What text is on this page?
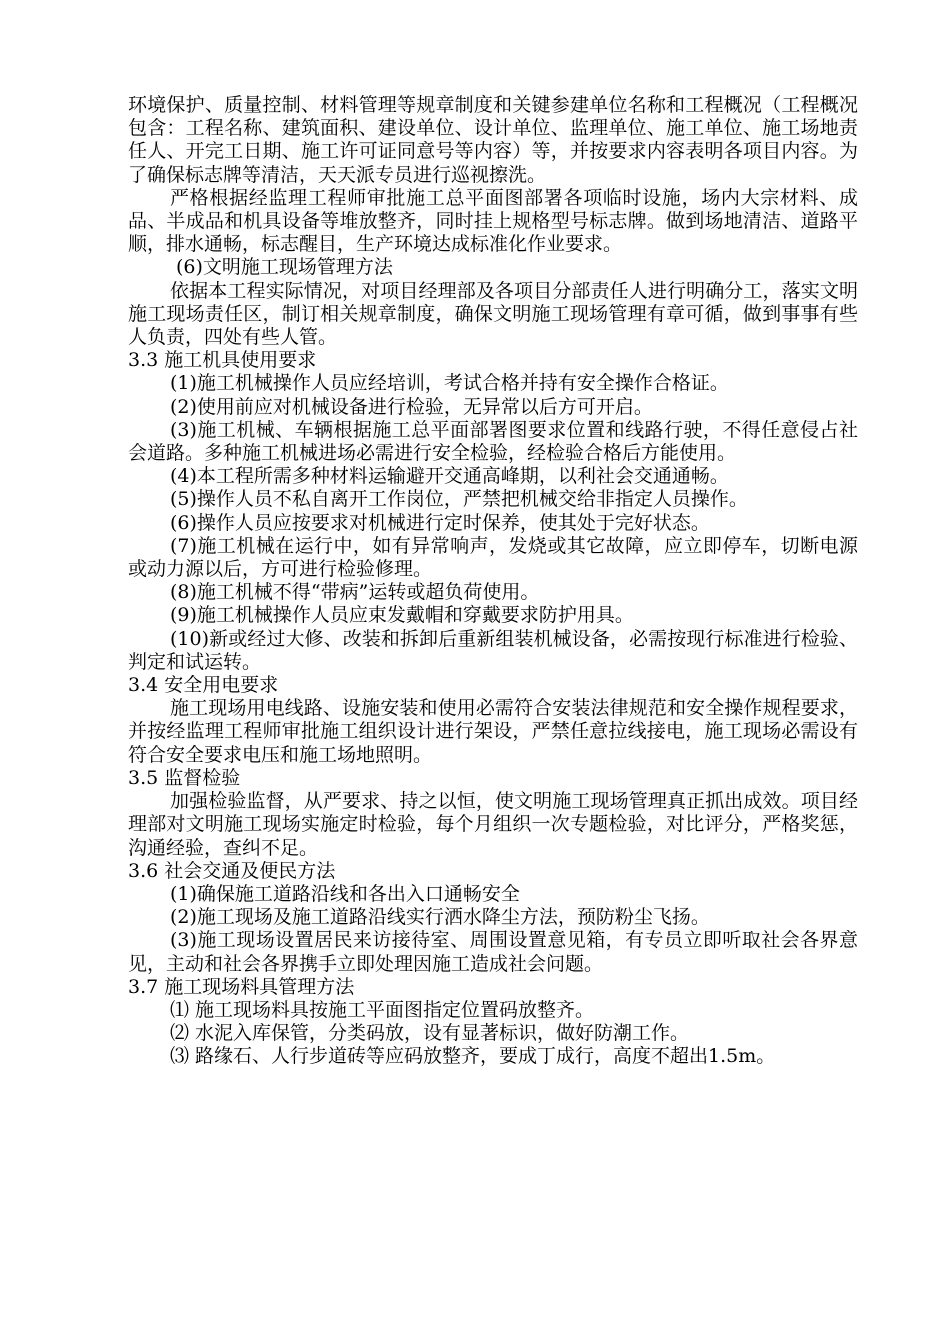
环境保护、质量控制、材料管理等规章制度和关键参建单位名称和工程概况（工程概况包含：工程名称、建筑面积、建设单位、设计单位、监理单位、施工单位、施工场地责任人、开完工日期、施工许可证同意号等内容）等，并按要求内容表明各项目内容。为了确保标志牌等清洁，天天派专员进行巡视擦洗。

严格根据经监理工程师审批施工总平面图部署各项临时设施，场内大宗材料、成品、半成品和机具设备等堆放整齐，同时挂上规格型号标志牌。做到场地清洁、道路平顺，排水通畅，标志醒目，生产环境达成标准化作业要求。

(6)文明施工现场管理方法

依据本工程实际情况，对项目经理部及各项目分部责任人进行明确分工，落实文明施工现场责任区，制订相关规章制度，确保文明施工现场管理有章可循，做到事事有些人负责，四处有些人管。

3.3 施工机具使用要求

(1)施工机械操作人员应经培训，考试合格并持有安全操作合格证。

(2)使用前应对机械设备进行检验，无异常以后方可开启。

(3)施工机械、车辆根据施工总平面部署图要求位置和线路行驶，不得任意侵占社会道路。多种施工机械进场必需进行安全检验，经检验合格后方能使用。

(4)本工程所需多种材料运输避开交通高峰期，以利社会交通通畅。

(5)操作人员不私自离开工作岗位，严禁把机械交给非指定人员操作。

(6)操作人员应按要求对机械进行定时保养，使其处于完好状态。

(7)施工机械在运行中，如有异常响声，发烧或其它故障，应立即停车，切断电源或动力源以后，方可进行检验修理。

(8)施工机械不得“带病”运转或超负荷使用。

(9)施工机械操作人员应束发戴帽和穿戴要求防护用具。

(10)新或经过大修、改装和拆卸后重新组装机械设备，必需按现行标准进行检验、判定和试运转。

3.4 安全用电要求

施工现场用电线路、设施安装和使用必需符合安装法律规范和安全操作规程要求，并按经监理工程师审批施工组织设计进行架设，严禁任意拉线接电，施工现场必需设有符合安全要求电压和施工场地照明。

3.5 监督检验

加强检验监督，从严要求、持之以恒，使文明施工现场管理真正抓出成效。项目经理部对文明施工现场实施定时检验，每个月组织一次专题检验，对比评分，严格奖惩，沟通经验，查纠不足。

3.6 社会交通及便民方法

(1)确保施工道路沿线和各出入口通畅安全

(2)施工现场及施工道路沿线实行洒水降尘方法，预防粉尘飞扬。

(3)施工现场设置居民来访接待室、周围设置意见箱，有专员立即听取社会各界意见，主动和社会各界携手立即处理因施工造成社会问题。

3.7 施工现场料具管理方法

⑴ 施工现场料具按施工平面图指定位置码放整齐。

⑵ 水泥入库保管，分类码放，设有显著标识，做好防潮工作。

⑶ 路缘石、人行步道砖等应码放整齐，要成丁成行，高度不超出1.5m。
